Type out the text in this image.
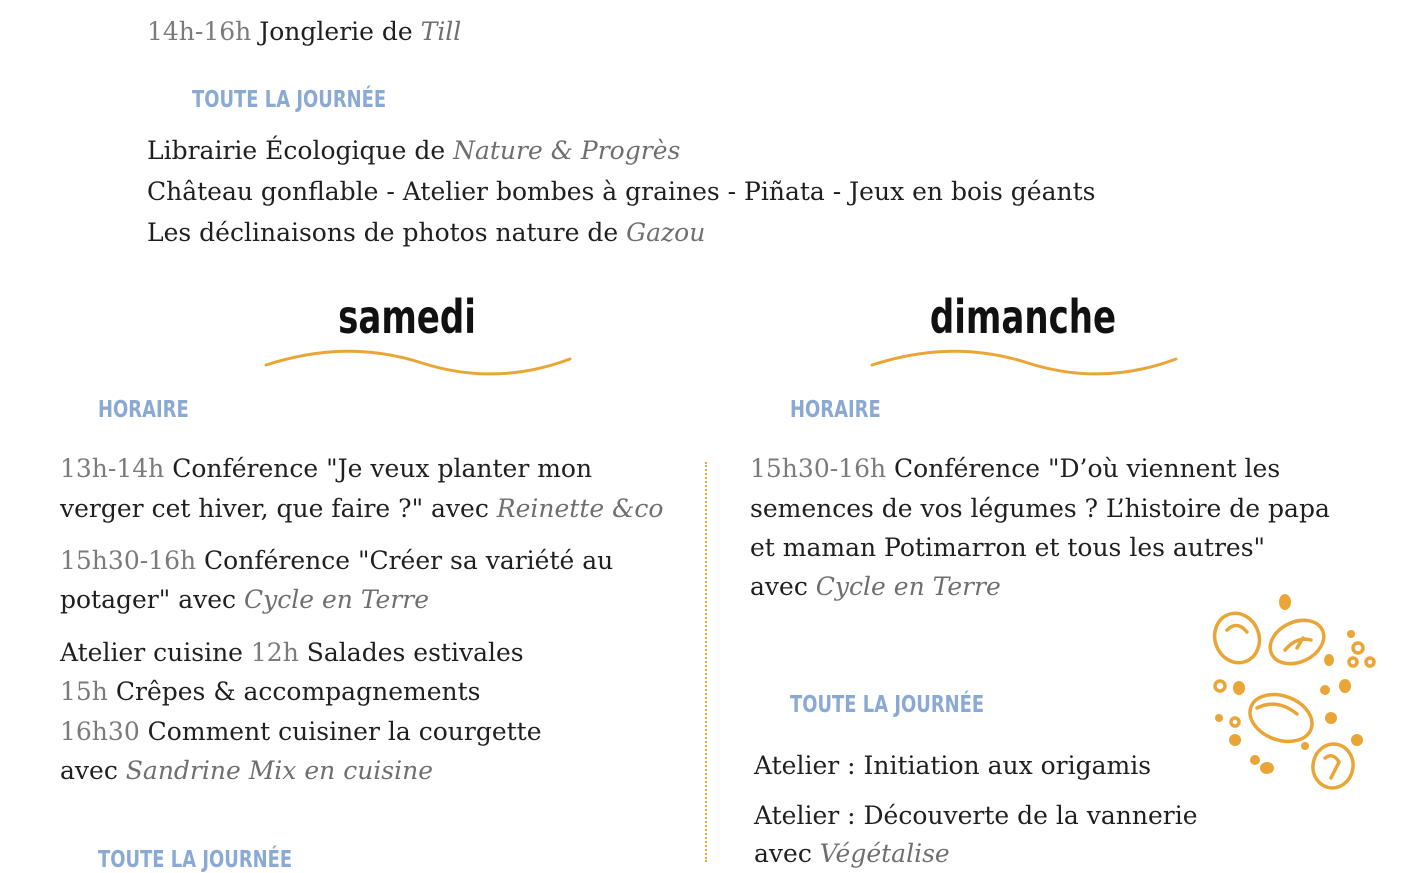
14h-16h Jonglerie de Till
TOUTE LA JOURNÉE
Librairie Écologique de Nature & Progrès
Château gonflable - Atelier bombes à graines - Piñata - Jeux en bois géants
Les déclinaisons de photos nature de Gazou
samedi	dimanche
HORAIRE
13h-14h Conférence "Je veux planter mon
verger cet hiver, que faire ?" avec Reinette &co
15h30-16h Conférence "Créer sa variété au
potager" avec Cycle en Terre
Atelier cuisine 12h Salades estivales
15h Crêpes & accompagnements
16h30 Comment cuisiner la courgette
avec Sandrine Mix en cuisine
TOUTE LA JOURNÉE
HORAIRE
15h30-16h Conférence "D’où viennent les
semences de vos légumes ? L’histoire de papa
et maman Potimarron et tous les autres"
avec Cycle en Terre
TOUTE LA JOURNÉE
Atelier : Initiation aux origamis
Atelier : Découverte de la vannerie
avec Végétalise
